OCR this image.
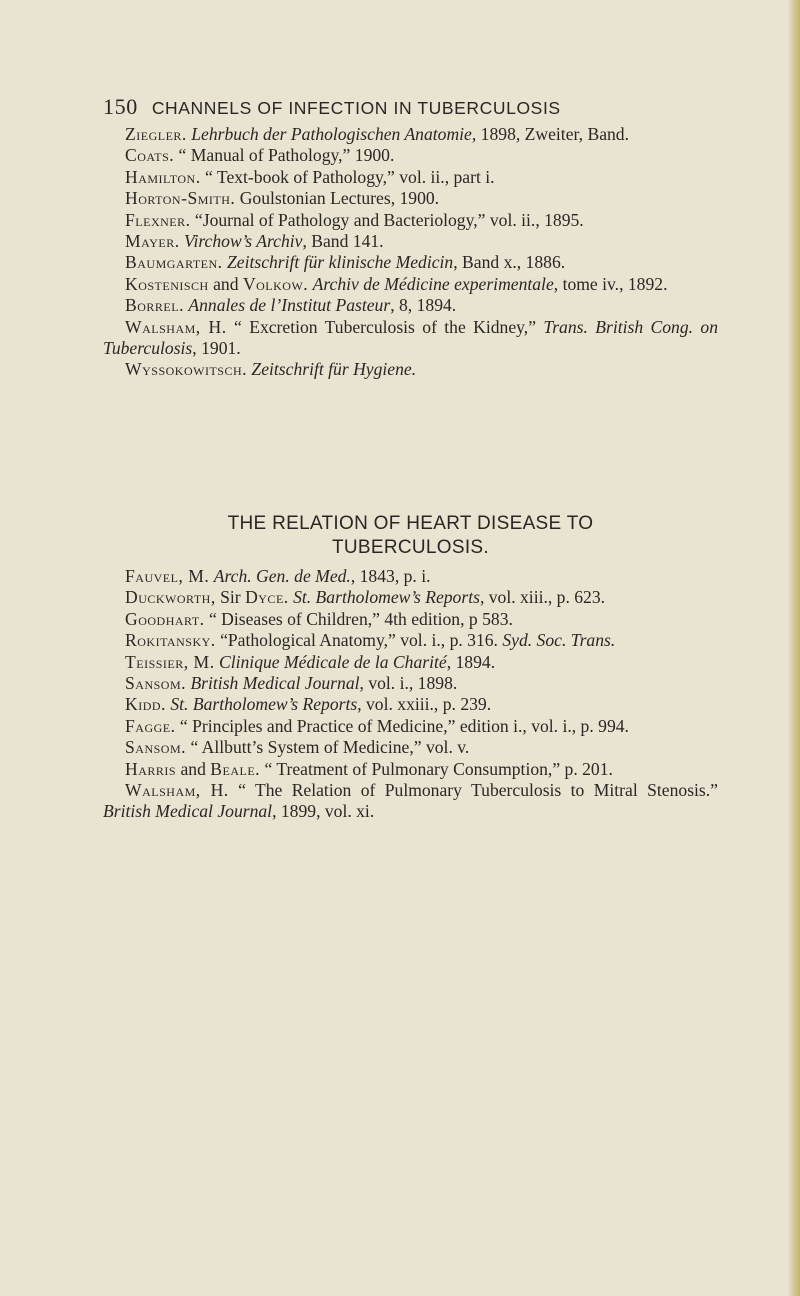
150 CHANNELS OF INFECTION IN TUBERCULOSIS

Ziegler. Lehrbuch der Pathologischen Anatomie, 1898, Zweiter, Band.

Coats. “ Manual of Pathology,” 1900.

Hamilton. “ Text-book of Pathology,” vol. ii., part i.

Horton-Smith. Goulstonian Lectures, 1900.

Flexner. “Journal of Pathology and Bacteriology,” vol. ii., 1895.

Mayer. Virchow’s Archiv, Band 141.

Baumgarten. Zeitschrift für klinische Medicin, Band x., 1886.

Kostenisch and Volkow. Archiv de Médicine experimentale, tome iv., 1892.

Borrel. Annales de l’Institut Pasteur, 8, 1894.

Walsham, H. “ Excretion Tuberculosis of the Kidney,” Trans. British Cong. on Tuberculosis, 1901.

Wyssokowitsch. Zeitschrift für Hygiene.

THE RELATION OF HEART DISEASE TO
TUBERCULOSIS.

Fauvel, M. Arch. Gen. de Med., 1843, p. i.

Duckworth, Sir Dyce. St. Bartholomew’s Reports, vol. xiii., p. 623.

Goodhart. “ Diseases of Children,” 4th edition, p 583.

Rokitansky. “Pathological Anatomy,” vol. i., p. 316. Syd. Soc. Trans.

Teissier, M. Clinique Médicale de la Charité, 1894.

Sansom. British Medical Journal, vol. i., 1898.

Kidd. St. Bartholomew’s Reports, vol. xxiii., p. 239.

Fagge. “ Principles and Practice of Medicine,” edition i., vol. i., p. 994.

Sansom. “ Allbutt’s System of Medicine,” vol. v.

Harris and Beale. “ Treatment of Pulmonary Consumption,” p. 201.

Walsham, H. “ The Relation of Pulmonary Tuberculosis to Mitral Stenosis.” British Medical Journal, 1899, vol. xi.
